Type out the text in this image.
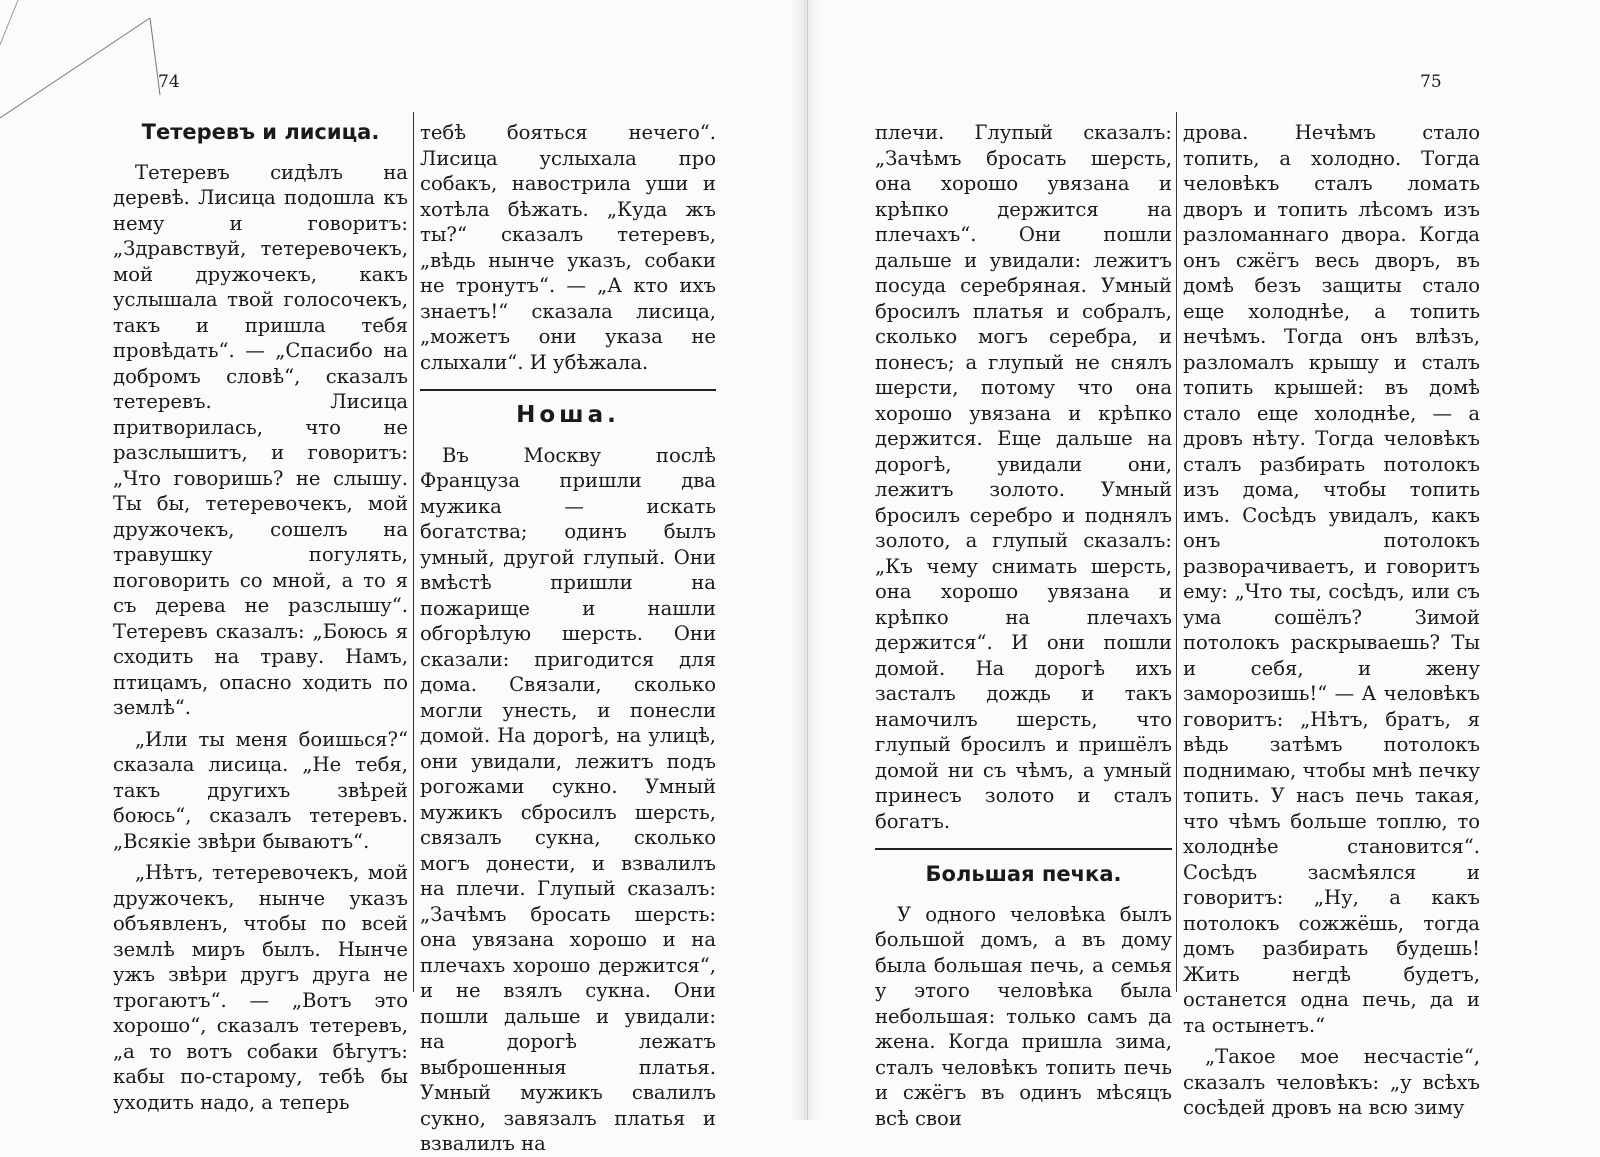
74
Тетеревъ и лисица.

Тетеревъ сидѣлъ на деревѣ. Лисица подошла къ нему и говоритъ: „Здравствуй, тетеревочекъ, мой дружочекъ, какъ услышала твой голосочекъ, такъ и пришла тебя провѣдать“. — „Спасибо на добромъ словѣ“, сказалъ тетеревъ. Лисица притворилась, что не разслышитъ, и говоритъ: „Что говоришь? не слышу. Ты бы, тетеревочекъ, мой дружочекъ, сошелъ на травушку погулять, поговорить со мной, а то я съ дерева не разслышу“. Тетеревъ сказалъ: „Боюсь я сходить на траву. Намъ, птицамъ, опасно ходить по землѣ“.

„Или ты меня боишься?“ сказала лисица. „Не тебя, такъ другихъ звѣрей боюсь“, сказалъ тетеревъ. „Всякіе звѣри бываютъ“.

„Нѣтъ, тетеревочекъ, мой дружочекъ, нынче указъ объявленъ, чтобы по всей землѣ миръ былъ. Нынче ужъ звѣри другъ друга не трогаютъ“. — „Вотъ это хорошо“, сказалъ тетеревъ, „а то вотъ собаки бѣгутъ: кабы по-старому, тебѣ бы уходить надо, а теперь

тебѣ бояться нечего“. Лисица услыхала про собакъ, навострила уши и хотѣла бѣжать. „Куда жъ ты?“ сказалъ тетеревъ, „вѣдь нынче указъ, собаки не тронутъ“. — „А кто ихъ знаетъ!“ сказала лисица, „можетъ они указа не слыхали“. И убѣжала.

Ноша.

Въ Москву послѣ Француза пришли два мужика — искать богатства; одинъ былъ умный, другой глупый. Они вмѣстѣ пришли на пожарище и нашли обгорѣлую шерсть. Они сказали: пригодится для дома. Связали, сколько могли унесть, и понесли домой. На дорогѣ, на улицѣ, они увидали, лежитъ подъ рогожами сукно. Умный мужикъ сбросилъ шерсть, связалъ сукна, сколько могъ донести, и взвалилъ на плечи. Глупый сказалъ: „Зачѣмъ бросать шерсть: она увязана хорошо и на плечахъ хорошо держится“, и не взялъ сукна. Они пошли дальше и увидали: на дорогѣ лежатъ выброшенныя платья. Умный мужикъ свалилъ сукно, завязалъ платья и взвалилъ на

75

плечи. Глупый сказалъ: „Зачѣмъ бросать шерсть, она хорошо увязана и крѣпко держится на плечахъ“. Они пошли дальше и увидали: лежитъ посуда серебряная. Умный бросилъ платья и собралъ, сколько могъ серебра, и понесъ; а глупый не снялъ шерсти, потому что она хорошо увязана и крѣпко держится. Еще дальше на дорогѣ, увидали они, лежитъ золото. Умный бросилъ серебро и поднялъ золото, а глупый сказалъ: „Къ чему снимать шерсть, она хорошо увязана и крѣпко на плечахъ держится“. И они пошли домой. На дорогѣ ихъ засталъ дождь и такъ намочилъ шерсть, что глупый бросилъ и пришёлъ домой ни съ чѣмъ, а умный принесъ золото и сталъ богатъ.

Большая печка.

У одного человѣка былъ большой домъ, а въ дому была большая печь, а семья у этого человѣка была небольшая: только самъ да жена. Когда пришла зима, сталъ человѣкъ топить печь и сжёгъ въ одинъ мѣсяцъ всѣ свои

дрова. Нечѣмъ стало топить, а холодно. Тогда человѣкъ сталъ ломать дворъ и топить лѣсомъ изъ разломаннаго двора. Когда онъ сжёгъ весь дворъ, въ домѣ безъ защиты стало еще холоднѣе, а топить нечѣмъ. Тогда онъ влѣзъ, разломалъ крышу и сталъ топить крышей: въ домѣ стало еще холоднѣе, — а дровъ нѣту. Тогда человѣкъ сталъ разбирать потолокъ изъ дома, чтобы топить имъ. Сосѣдъ увидалъ, какъ онъ потолокъ разворачиваетъ, и говоритъ ему: „Что ты, сосѣдъ, или съ ума сошёлъ? Зимой потолокъ раскрываешь? Ты и себя, и жену заморозишь!“ — А человѣкъ говоритъ: „Нѣтъ, братъ, я вѣдь затѣмъ потолокъ поднимаю, чтобы мнѣ печку топить. У насъ печь такая, что чѣмъ больше топлю, то холоднѣе становится“. Сосѣдъ засмѣялся и говоритъ: „Ну, а какъ потолокъ сожжёшь, тогда домъ разбирать будешь! Жить негдѣ будетъ, останется одна печь, да и та остынетъ.“

„Такое мое несчастіе“, сказалъ человѣкъ: „у всѣхъ сосѣдей дровъ на всю зиму
